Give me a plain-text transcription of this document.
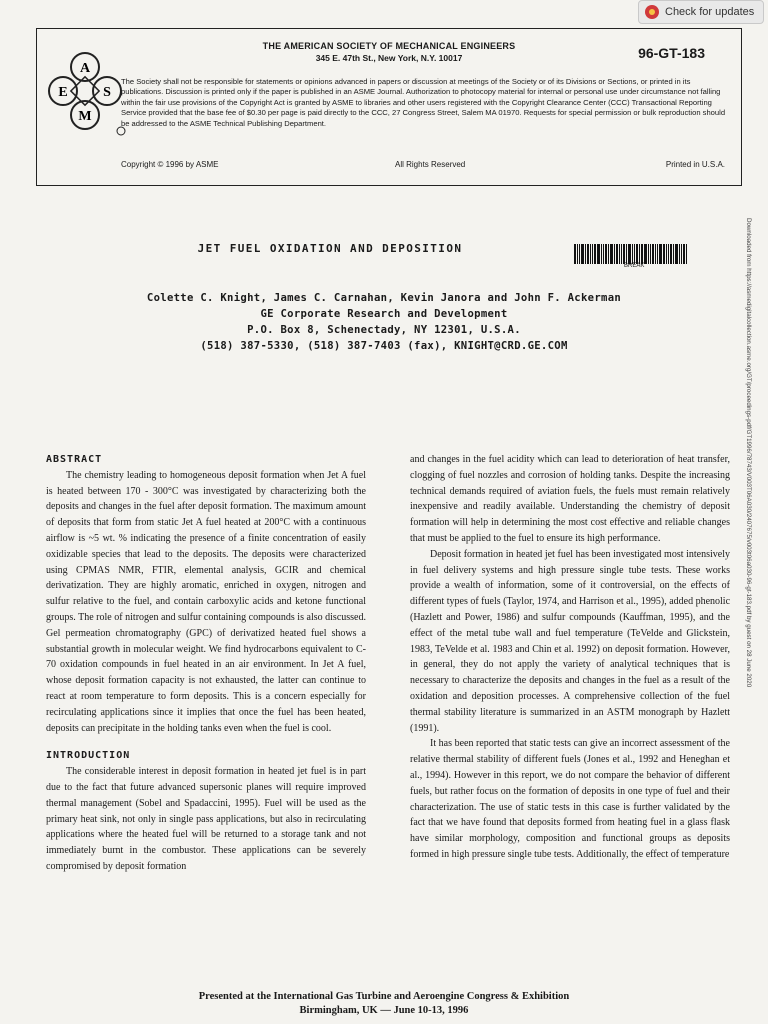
Check for updates
A
E	S
M
THE AMERICAN SOCIETY OF MECHANICAL ENGINEERS
345 E. 47th St., New York, N.Y. 10017	96-GT-183
The Society shall not be responsible for statements or opinions advanced in papers or discussion at meetings of the Society or of its Divisions or Sections, or printed in its publications. Discussion is printed only if the paper is published in an ASME Journal. Authorization to photocopy material for internal or personal use under circumstance not falling within the fair use provisions of the Copyright Act is granted by ASME to libraries and other users registered with the Copyright Clearance Center (CCC) Transactional Reporting Service provided that the base fee of $0.30 per page is paid directly to the CCC, 27 Congress Street, Salem MA 01970. Requests for special permission or bulk reproduction should be addressed to the ASME Technical Publishing Department.
Copyright © 1996 by ASME	All Rights Reserved	Printed in U.S.A.
Downloaded from https://asmedigitalcollection.asme.org/GT/proceedings-pdf/GT1996/78743/V003T06A030/2407675/v003t06a030-96-gt-183.pdf by guest on 28 June 2020
JET FUEL OXIDATION AND DEPOSITION
BREAK
Colette C. Knight, James C. Carnahan, Kevin Janora and John F. Ackerman
GE Corporate Research and Development
P.O. Box 8, Schenectady, NY 12301, U.S.A.
(518) 387-5330, (518) 387-7403 (fax), KNIGHT@CRD.GE.COM

ABSTRACT

The chemistry leading to homogeneous deposit formation when Jet A fuel is heated between 170 - 300°C was investigated by characterizing both the deposits and changes in the fuel after deposit formation. The maximum amount of deposits that form from static Jet A fuel heated at 200°C with a continuous airflow is ~5 wt. % indicating the presence of a finite concentration of easily oxidizable species that lead to the deposits. The deposits were characterized using CPMAS NMR, FTIR, elemental analysis, GCIR and chemical derivatization. They are highly aromatic, enriched in oxygen, nitrogen and sulfur relative to the fuel, and contain carboxylic acids and ketone functional groups. The role of nitrogen and sulfur containing compounds is also discussed. Gel permeation chromatography (GPC) of derivatized heated fuel shows a substantial growth in molecular weight. We find hydrocarbons equivalent to C-70 oxidation compounds in fuel heated in an air environment. In Jet A fuel, whose deposit formation capacity is not exhausted, the latter can continue to react at room temperature to form deposits. This is a concern especially for recirculating applications since it implies that once the fuel has been heated, deposits can precipitate in the holding tanks even when the fuel is cool.

INTRODUCTION

The considerable interest in deposit formation in heated jet fuel is in part due to the fact that future advanced supersonic planes will require improved thermal management (Sobel and Spadaccini, 1995). Fuel will be used as the primary heat sink, not only in single pass applications, but also in recirculating applications where the heated fuel will be returned to a storage tank and not immediately burnt in the combustor. These applications can be severely compromised by deposit formation

and changes in the fuel acidity which can lead to deterioration of heat transfer, clogging of fuel nozzles and corrosion of holding tanks. Despite the increasing technical demands required of aviation fuels, the fuels must remain relatively inexpensive and readily available. Understanding the chemistry of deposit formation will help in determining the most cost effective and reliable changes that must be applied to the fuel to ensure its high performance.

Deposit formation in heated jet fuel has been investigated most intensively in fuel delivery systems and high pressure single tube tests. These works provide a wealth of information, some of it controversial, on the effects of different types of fuels (Taylor, 1974, and Harrison et al., 1995), added phenolic (Hazlett and Power, 1986) and sulfur compounds (Kauffman, 1995), and the effect of the metal tube wall and fuel temperature (TeVelde and Glickstein, 1983, TeVelde et al. 1983 and Chin et al. 1992) on deposit formation. However, in general, they do not apply the variety of analytical techniques that is necessary to characterize the deposits and changes in the fuel as a result of the oxidation and deposition processes. A comprehensive collection of the fuel thermal stability literature is summarized in an ASTM monograph by Hazlett (1991).

It has been reported that static tests can give an incorrect assessment of the relative thermal stability of different fuels (Jones et al., 1992 and Heneghan et al., 1994). However in this report, we do not compare the behavior of different fuels, but rather focus on the formation of deposits in one type of fuel and their characterization. The use of static tests in this case is further validated by the fact that we have found that deposits formed from heating fuel in a glass flask have similar morphology, composition and functional groups as deposits formed in high pressure single tube tests. Additionally, the effect of temperature

Presented at the International Gas Turbine and Aeroengine Congress & Exhibition
Birmingham, UK — June 10-13, 1996
